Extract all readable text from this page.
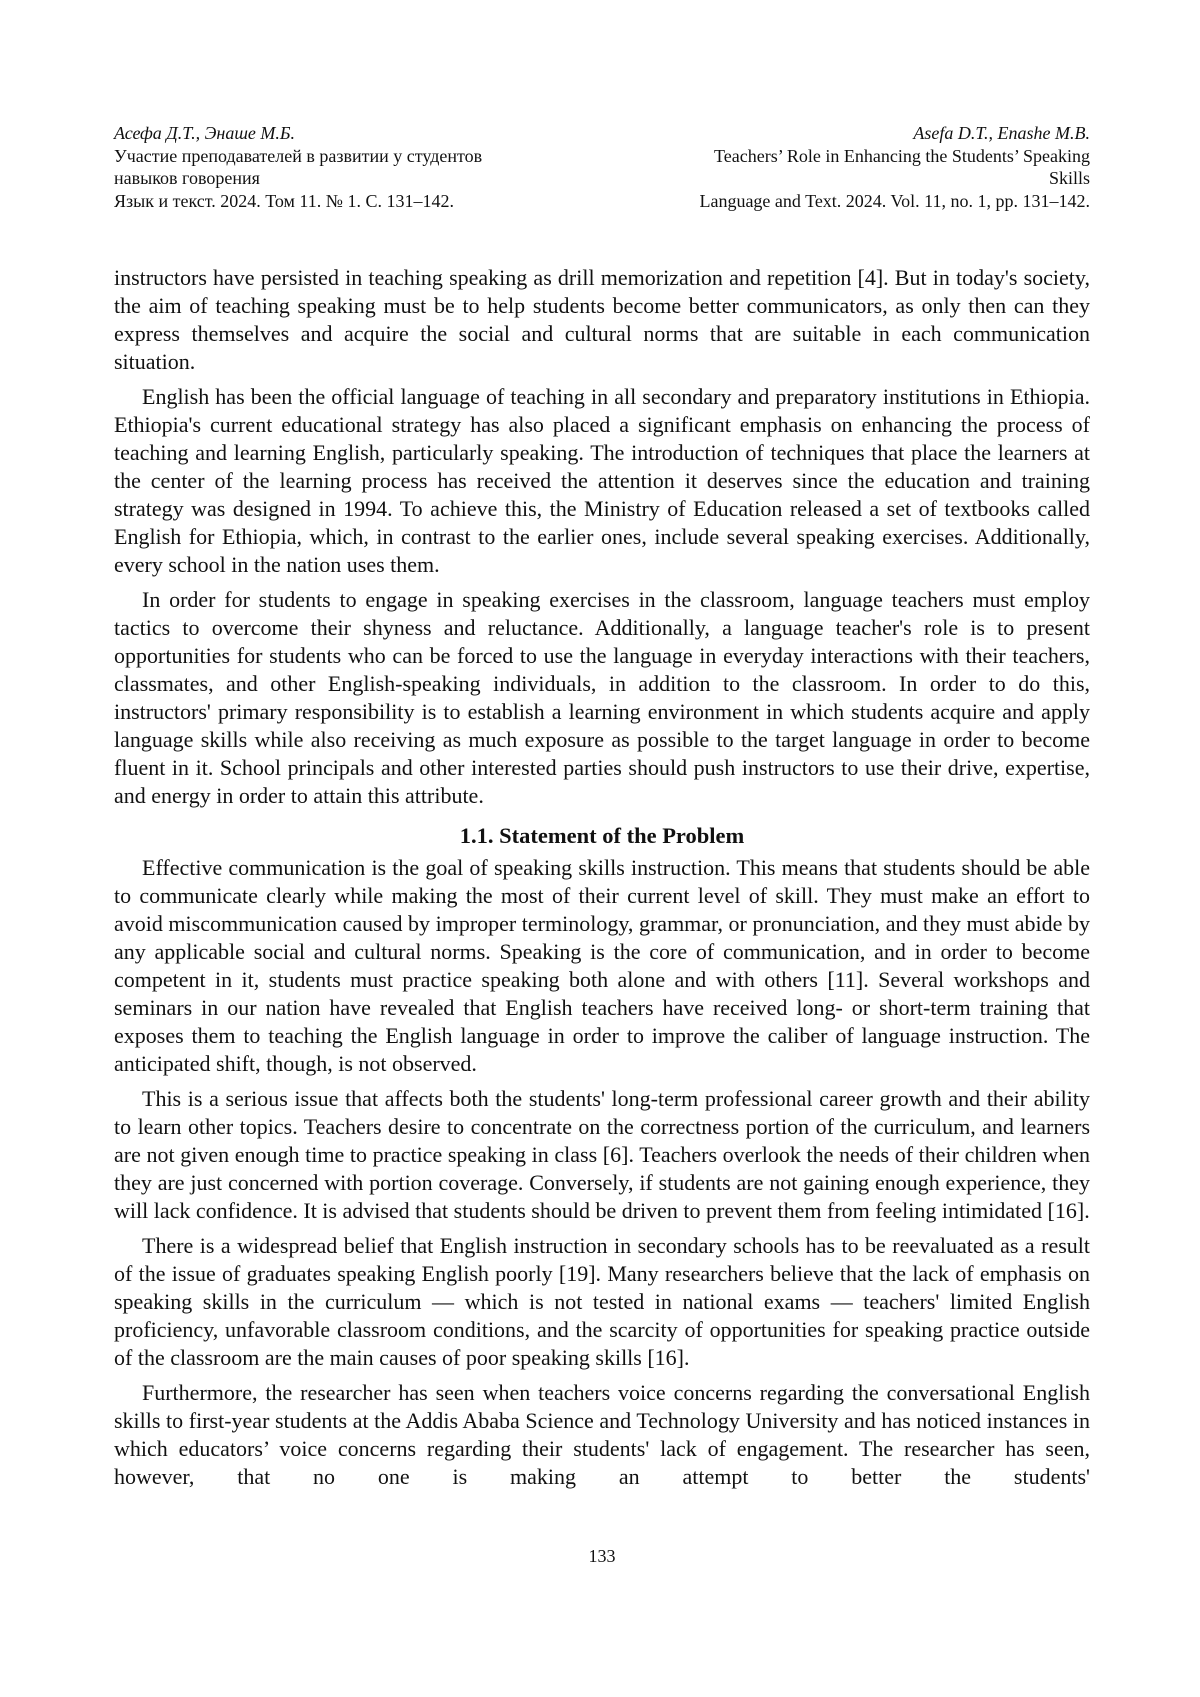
Асефа Д.Т., Энаше М.Б.
Участие преподавателей в развитии у студентов
навыков говорения
Язык и текст. 2024. Том 11. № 1. С. 131–142.
Asefa D.T., Enashe M.B.
Teachers’ Role in Enhancing the Students’ Speaking
Skills
Language and Text. 2024. Vol. 11, no. 1, pp. 131–142.

instructors have persisted in teaching speaking as drill memorization and repetition [4]. But in today's society, the aim of teaching speaking must be to help students become better communicators, as only then can they express themselves and acquire the social and cultural norms that are suitable in each communication situation.

English has been the official language of teaching in all secondary and preparatory institutions in Ethiopia. Ethiopia's current educational strategy has also placed a significant emphasis on enhancing the process of teaching and learning English, particularly speaking. The introduction of techniques that place the learners at the center of the learning process has received the attention it deserves since the education and training strategy was designed in 1994. To achieve this, the Ministry of Education released a set of textbooks called English for Ethiopia, which, in contrast to the earlier ones, include several speaking exercises. Additionally, every school in the nation uses them.

In order for students to engage in speaking exercises in the classroom, language teachers must employ tactics to overcome their shyness and reluctance. Additionally, a language teacher's role is to present opportunities for students who can be forced to use the language in everyday interactions with their teachers, classmates, and other English-speaking individuals, in addition to the classroom. In order to do this, instructors' primary responsibility is to establish a learning environment in which students acquire and apply language skills while also receiving as much exposure as possible to the target language in order to become fluent in it. School principals and other interested parties should push instructors to use their drive, expertise, and energy in order to attain this attribute.

1.1. Statement of the Problem

Effective communication is the goal of speaking skills instruction. This means that students should be able to communicate clearly while making the most of their current level of skill. They must make an effort to avoid miscommunication caused by improper terminology, grammar, or pronunciation, and they must abide by any applicable social and cultural norms. Speaking is the core of communication, and in order to become competent in it, students must practice speaking both alone and with others [11]. Several workshops and seminars in our nation have revealed that English teachers have received long- or short-term training that exposes them to teaching the English language in order to improve the caliber of language instruction. The anticipated shift, though, is not observed.

This is a serious issue that affects both the students' long-term professional career growth and their ability to learn other topics. Teachers desire to concentrate on the correctness portion of the curriculum, and learners are not given enough time to practice speaking in class [6]. Teachers overlook the needs of their children when they are just concerned with portion coverage. Conversely, if students are not gaining enough experience, they will lack confidence. It is advised that students should be driven to prevent them from feeling intimidated [16].

There is a widespread belief that English instruction in secondary schools has to be reevaluated as a result of the issue of graduates speaking English poorly [19]. Many researchers believe that the lack of emphasis on speaking skills in the curriculum — which is not tested in national exams — teachers' limited English proficiency, unfavorable classroom conditions, and the scarcity of opportunities for speaking practice outside of the classroom are the main causes of poor speaking skills [16].

Furthermore, the researcher has seen when teachers voice concerns regarding the conversational English skills to first-year students at the Addis Ababa Science and Technology University and has noticed instances in which educators’ voice concerns regarding their students' lack of engagement. The researcher has seen, however, that no one is making an attempt to better the students'

133
